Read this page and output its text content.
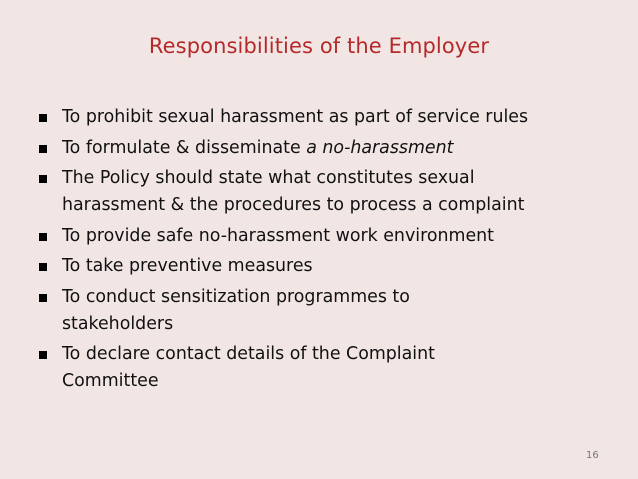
Responsibilities of the Employer
To prohibit sexual harassment as part of service rules
To formulate & disseminate a no-harassment
The Policy should state what constitutes sexual
harassment & the procedures to process a complaint
To provide safe no-harassment work environment
To take preventive measures
To conduct sensitization programmes to
stakeholders
To declare contact details of the Complaint
Committee
16
